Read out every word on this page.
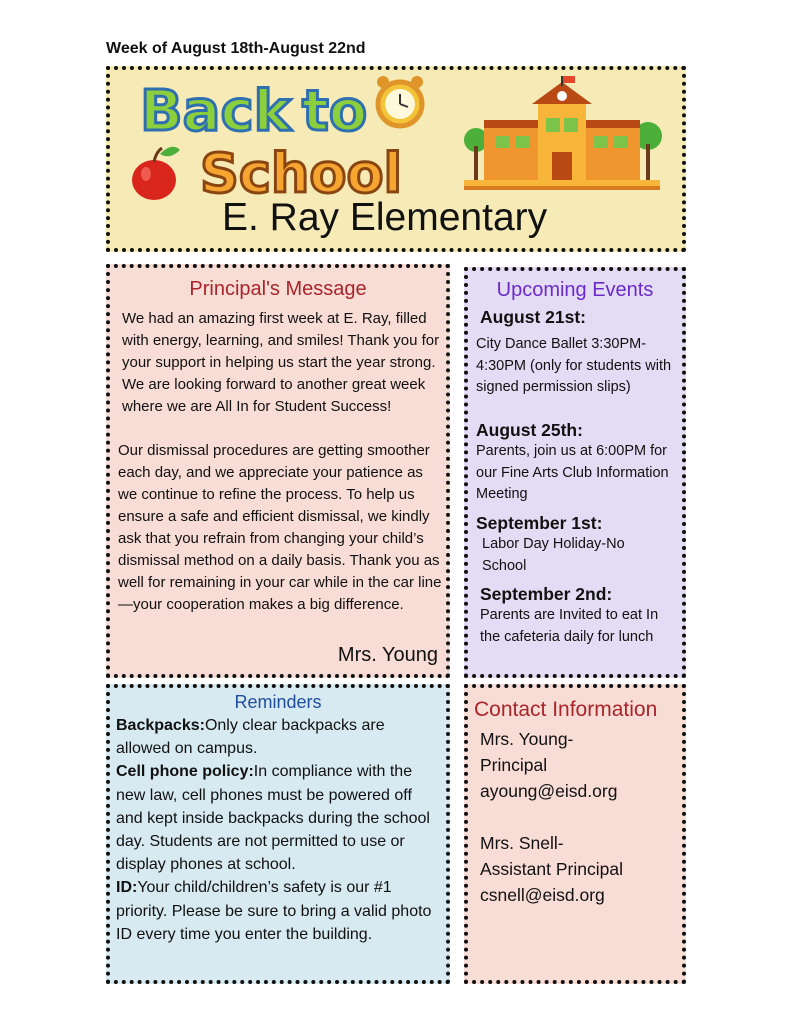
Week of August 18th-August 22nd
Back to
School
E. Ray Elementary
Principal's Message
We had an amazing first week at E. Ray, filled with energy, learning, and smiles! Thank you for your support in helping us start the year strong. We are looking forward to another great week where we are All In for Student Success!
Our dismissal procedures are getting smoother each day, and we appreciate your patience as we continue to refine the process. To help us ensure a safe and efficient dismissal, we kindly ask that you refrain from changing your child’s dismissal method on a daily basis. Thank you as well for remaining in your car while in the car line—your cooperation makes a big difference.
Mrs. Young
Upcoming Events
August 21st:
City Dance Ballet 3:30PM-4:30PM (only for students with signed permission slips)
August 25th:
Parents, join us at 6:00PM for our Fine Arts Club Information Meeting
September 1st:
Labor Day Holiday-No School
September 2nd:
Parents are Invited to eat In the cafeteria daily for lunch
Reminders
Backpacks:Only clear backpacks are allowed on campus.
Cell phone policy:In compliance with the new law, cell phones must be powered off and kept inside backpacks during the school day. Students are not permitted to use or display phones at school.
ID:Your child/children’s safety is our #1 priority. Please be sure to bring a valid photo ID every time you enter the building.
Contact Information
Mrs. Young-
Principal
ayoung@eisd.org
Mrs. Snell-
Assistant Principal
csnell@eisd.org
